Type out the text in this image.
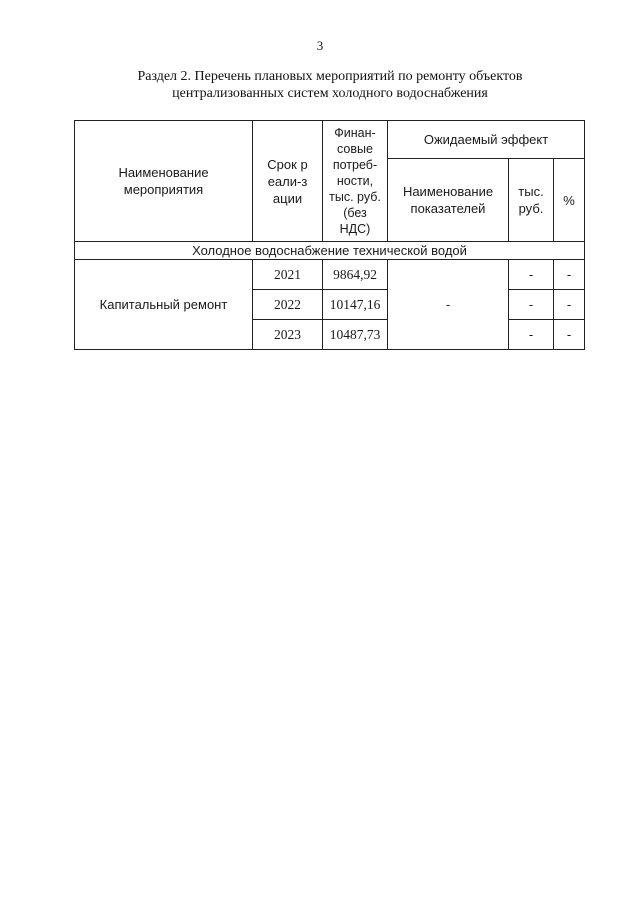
3
Раздел 2. Перечень плановых мероприятий по ремонту объектов
централизованных систем холодного водоснабжения
Наименование мероприятия	Срок реали-зации	Финан-совые потреб-ности, тыс. руб. (без НДС)	Ожидаемый эффект		
			Наименование показателей	тыс. руб.	%
Холодное водоснабжение технической водой					
Капитальный ремонт	2021	9864,92	-	-	-
	2022	10147,16		-	-
	2023	10487,73		-	-
